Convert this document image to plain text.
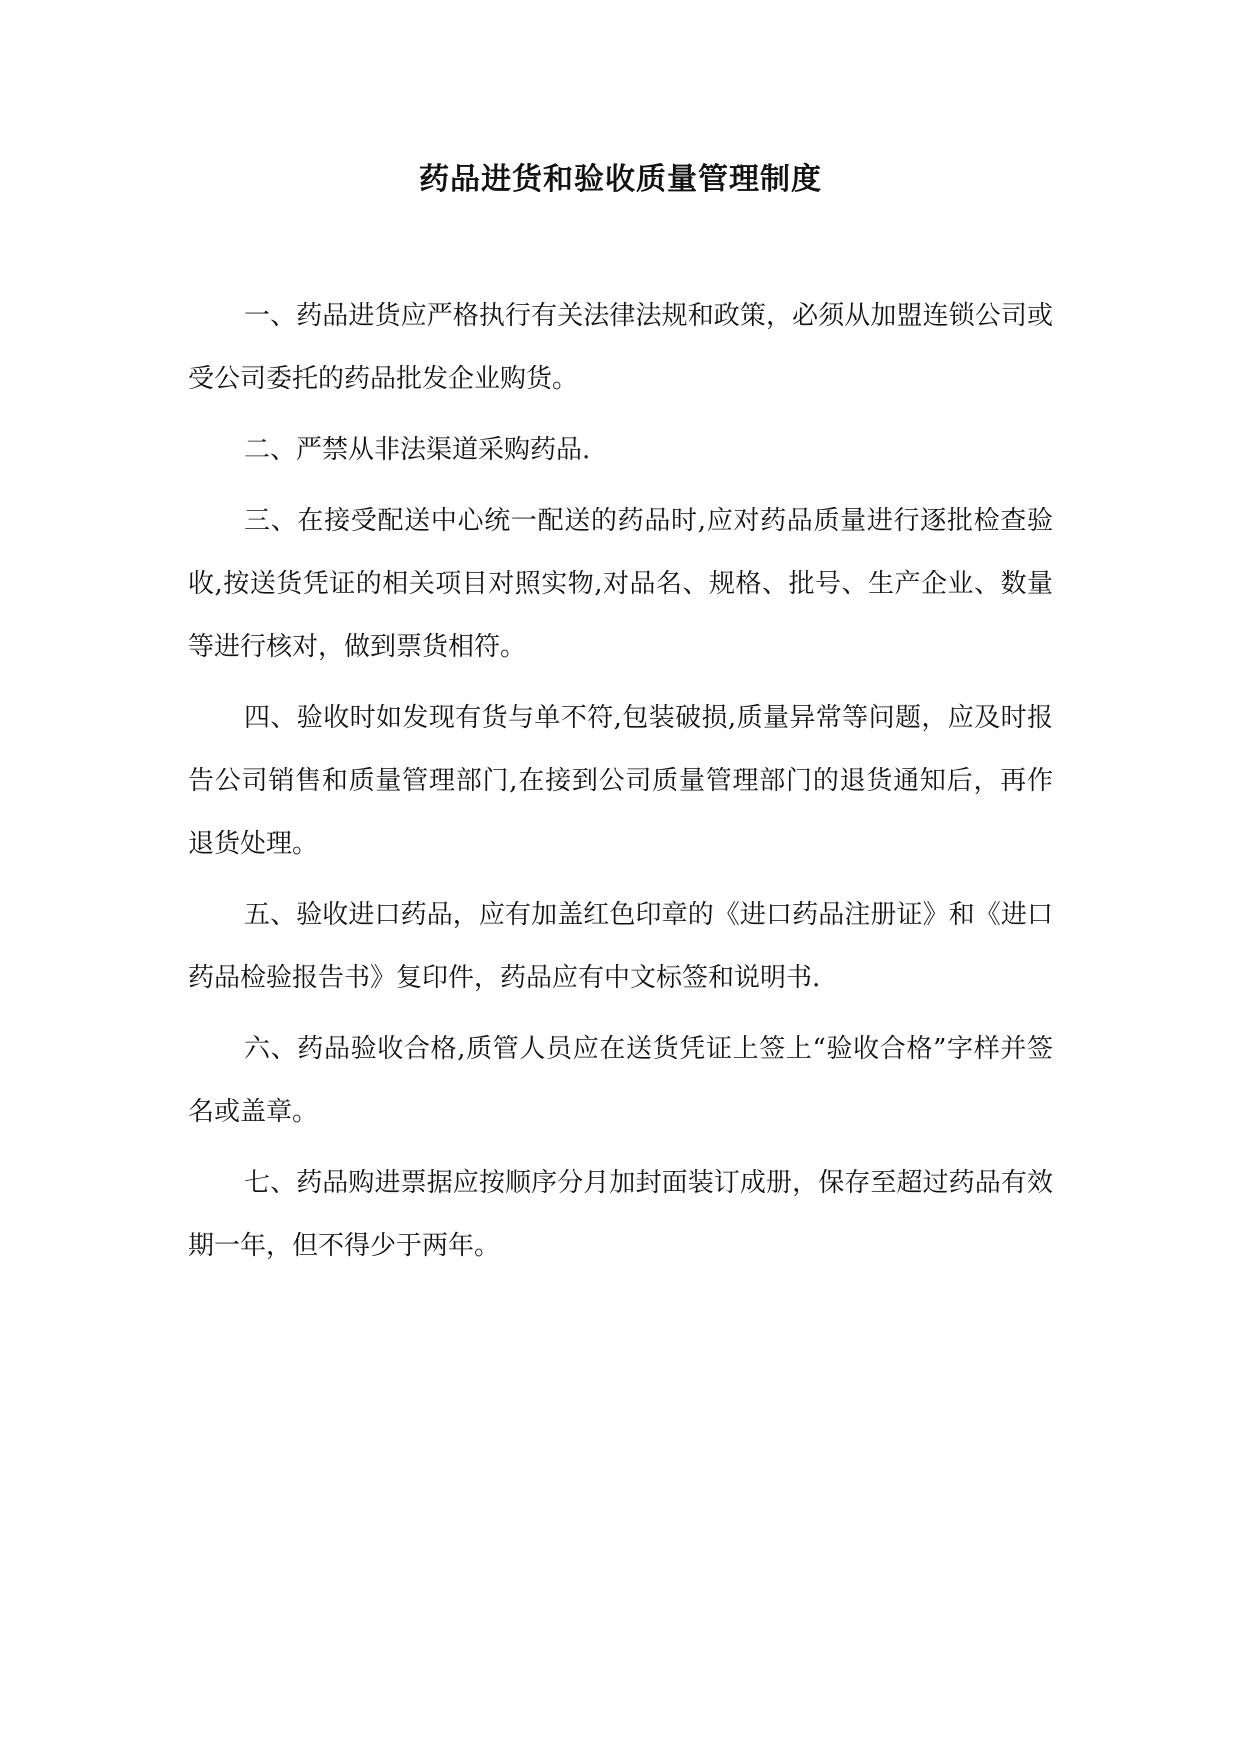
药品进货和验收质量管理制度

一、药品进货应严格执行有关法律法规和政策，必须从加盟连锁公司或受公司委托的药品批发企业购货。

二、严禁从非法渠道采购药品.

三、在接受配送中心统一配送的药品时,应对药品质量进行逐批检查验收,按送货凭证的相关项目对照实物,对品名、规格、批号、生产企业、数量等进行核对，做到票货相符。

四、验收时如发现有货与单不符,包装破损,质量异常等问题，应及时报告公司销售和质量管理部门,在接到公司质量管理部门的退货通知后，再作退货处理。

五、验收进口药品，应有加盖红色印章的《进口药品注册证》和《进口药品检验报告书》复印件，药品应有中文标签和说明书.

六、药品验收合格,质管人员应在送货凭证上签上“验收合格”字样并签名或盖章。

七、药品购进票据应按顺序分月加封面装订成册，保存至超过药品有效期一年，但不得少于两年。
